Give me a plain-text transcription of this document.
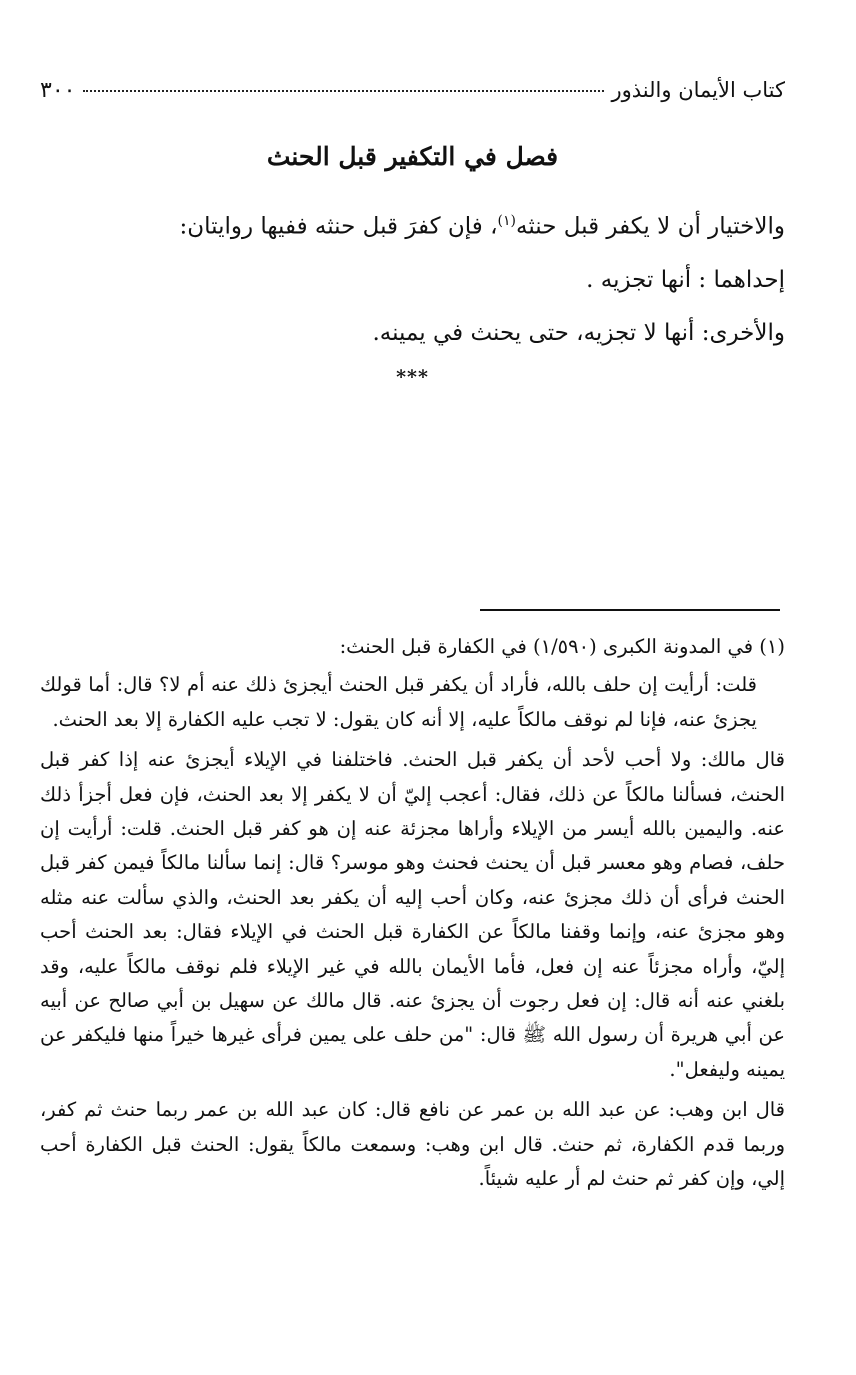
كتاب الأيمان والنذور
٣٠٠
فصل في التكفير قبل الحنث

والاختيار أن لا يكفر قبل حنثه$^{(١)}$، فإن كفرَ قبل حنثه ففيها روايتان:

إحداهما : أنها تجزيه .

والأخرى: أنها لا تجزيه، حتى يحنث في يمينه.

***

(١) في المدونة الكبرى (١/٥٩٠) في الكفارة قبل الحنث:

قلت: أرأيت إن حلف بالله، فأراد أن يكفر قبل الحنث أيجزئ ذلك عنه أم لا؟ قال: أما قولك يجزئ عنه، فإنا لم نوقف مالكاً عليه، إلا أنه كان يقول: لا تجب عليه الكفارة إلا بعد الحنث.

قال مالك: ولا أحب لأحد أن يكفر قبل الحنث. فاختلفنا في الإيلاء أيجزئ عنه إذا كفر قبل الحنث، فسألنا مالكاً عن ذلك، فقال: أعجب إليّ أن لا يكفر إلا بعد الحنث، فإن فعل أجزأ ذلك عنه. واليمين بالله أيسر من الإيلاء وأراها مجزئة عنه إن هو كفر قبل الحنث. قلت: أرأيت إن حلف، فصام وهو معسر قبل أن يحنث فحنث وهو موسر؟ قال: إنما سألنا مالكاً فيمن كفر قبل الحنث فرأى أن ذلك مجزئ عنه، وكان أحب إليه أن يكفر بعد الحنث، والذي سألت عنه مثله وهو مجزئ عنه، وإنما وقفنا مالكاً عن الكفارة قبل الحنث في الإيلاء فقال: بعد الحنث أحب إليّ، وأراه مجزئاً عنه إن فعل، فأما الأيمان بالله في غير الإيلاء فلم نوقف مالكاً عليه، وقد بلغني عنه أنه قال: إن فعل رجوت أن يجزئ عنه. قال مالك عن سهيل بن أبي صالح عن أبيه عن أبي هريرة أن رسول الله ﷺ قال: "من حلف على يمين فرأى غيرها خيراً منها فليكفر عن يمينه وليفعل".

قال ابن وهب: عن عبد الله بن عمر عن نافع قال: كان عبد الله بن عمر ربما حنث ثم كفر، وربما قدم الكفارة، ثم حنث. قال ابن وهب: وسمعت مالكاً يقول: الحنث قبل الكفارة أحب إلي، وإن كفر ثم حنث لم أر عليه شيئاً.
